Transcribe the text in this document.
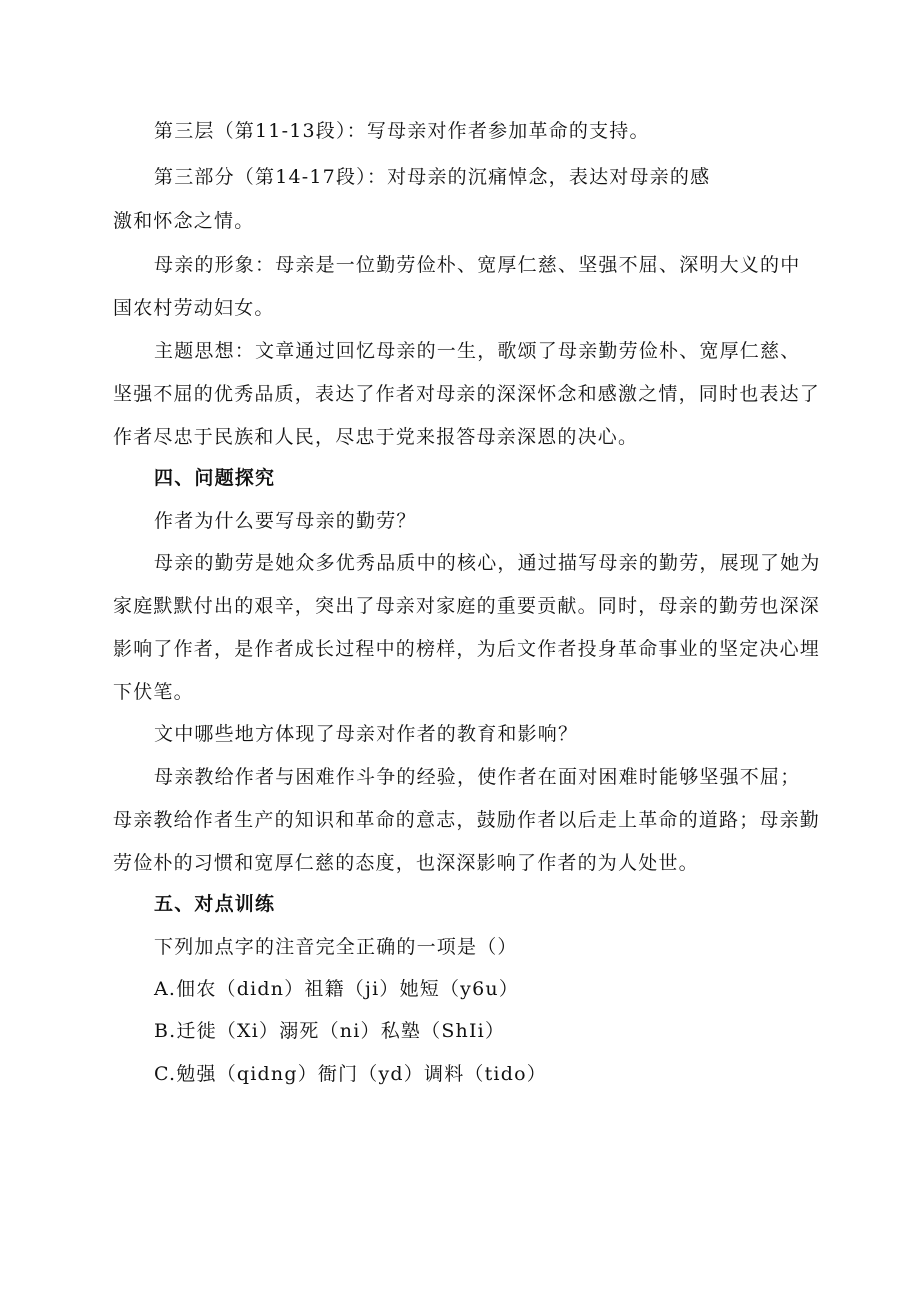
第三层（第11-13段）：写母亲对作者参加革命的支持。
第三部分（第14-17段）：对母亲的沉痛悼念，表达对母亲的感
激和怀念之情。
母亲的形象：母亲是一位勤劳俭朴、宽厚仁慈、坚强不屈、深明大义的中
国农村劳动妇女。
主题思想：文章通过回忆母亲的一生，歌颂了母亲勤劳俭朴、宽厚仁慈、
坚强不屈的优秀品质，表达了作者对母亲的深深怀念和感激之情，同时也表达了
作者尽忠于民族和人民，尽忠于党来报答母亲深恩的决心。
四、问题探究
作者为什么要写母亲的勤劳？
母亲的勤劳是她众多优秀品质中的核心，通过描写母亲的勤劳，展现了她为
家庭默默付出的艰辛，突出了母亲对家庭的重要贡献。同时，母亲的勤劳也深深
影响了作者，是作者成长过程中的榜样，为后文作者投身革命事业的坚定决心埋
下伏笔。
文中哪些地方体现了母亲对作者的教育和影响？
母亲教给作者与困难作斗争的经验，使作者在面对困难时能够坚强不屈；
母亲教给作者生产的知识和革命的意志，鼓励作者以后走上革命的道路；母亲勤
劳俭朴的习惯和宽厚仁慈的态度，也深深影响了作者的为人处世。
五、对点训练
下列加点字的注音完全正确的一项是（）
A.佃农（didn）祖籍（ji）她短（y6u）
B.迁徙（Xi）溺死（ni）私塾（ShIi）
C.勉强（qidng）衙门（yd）调料（tido）
